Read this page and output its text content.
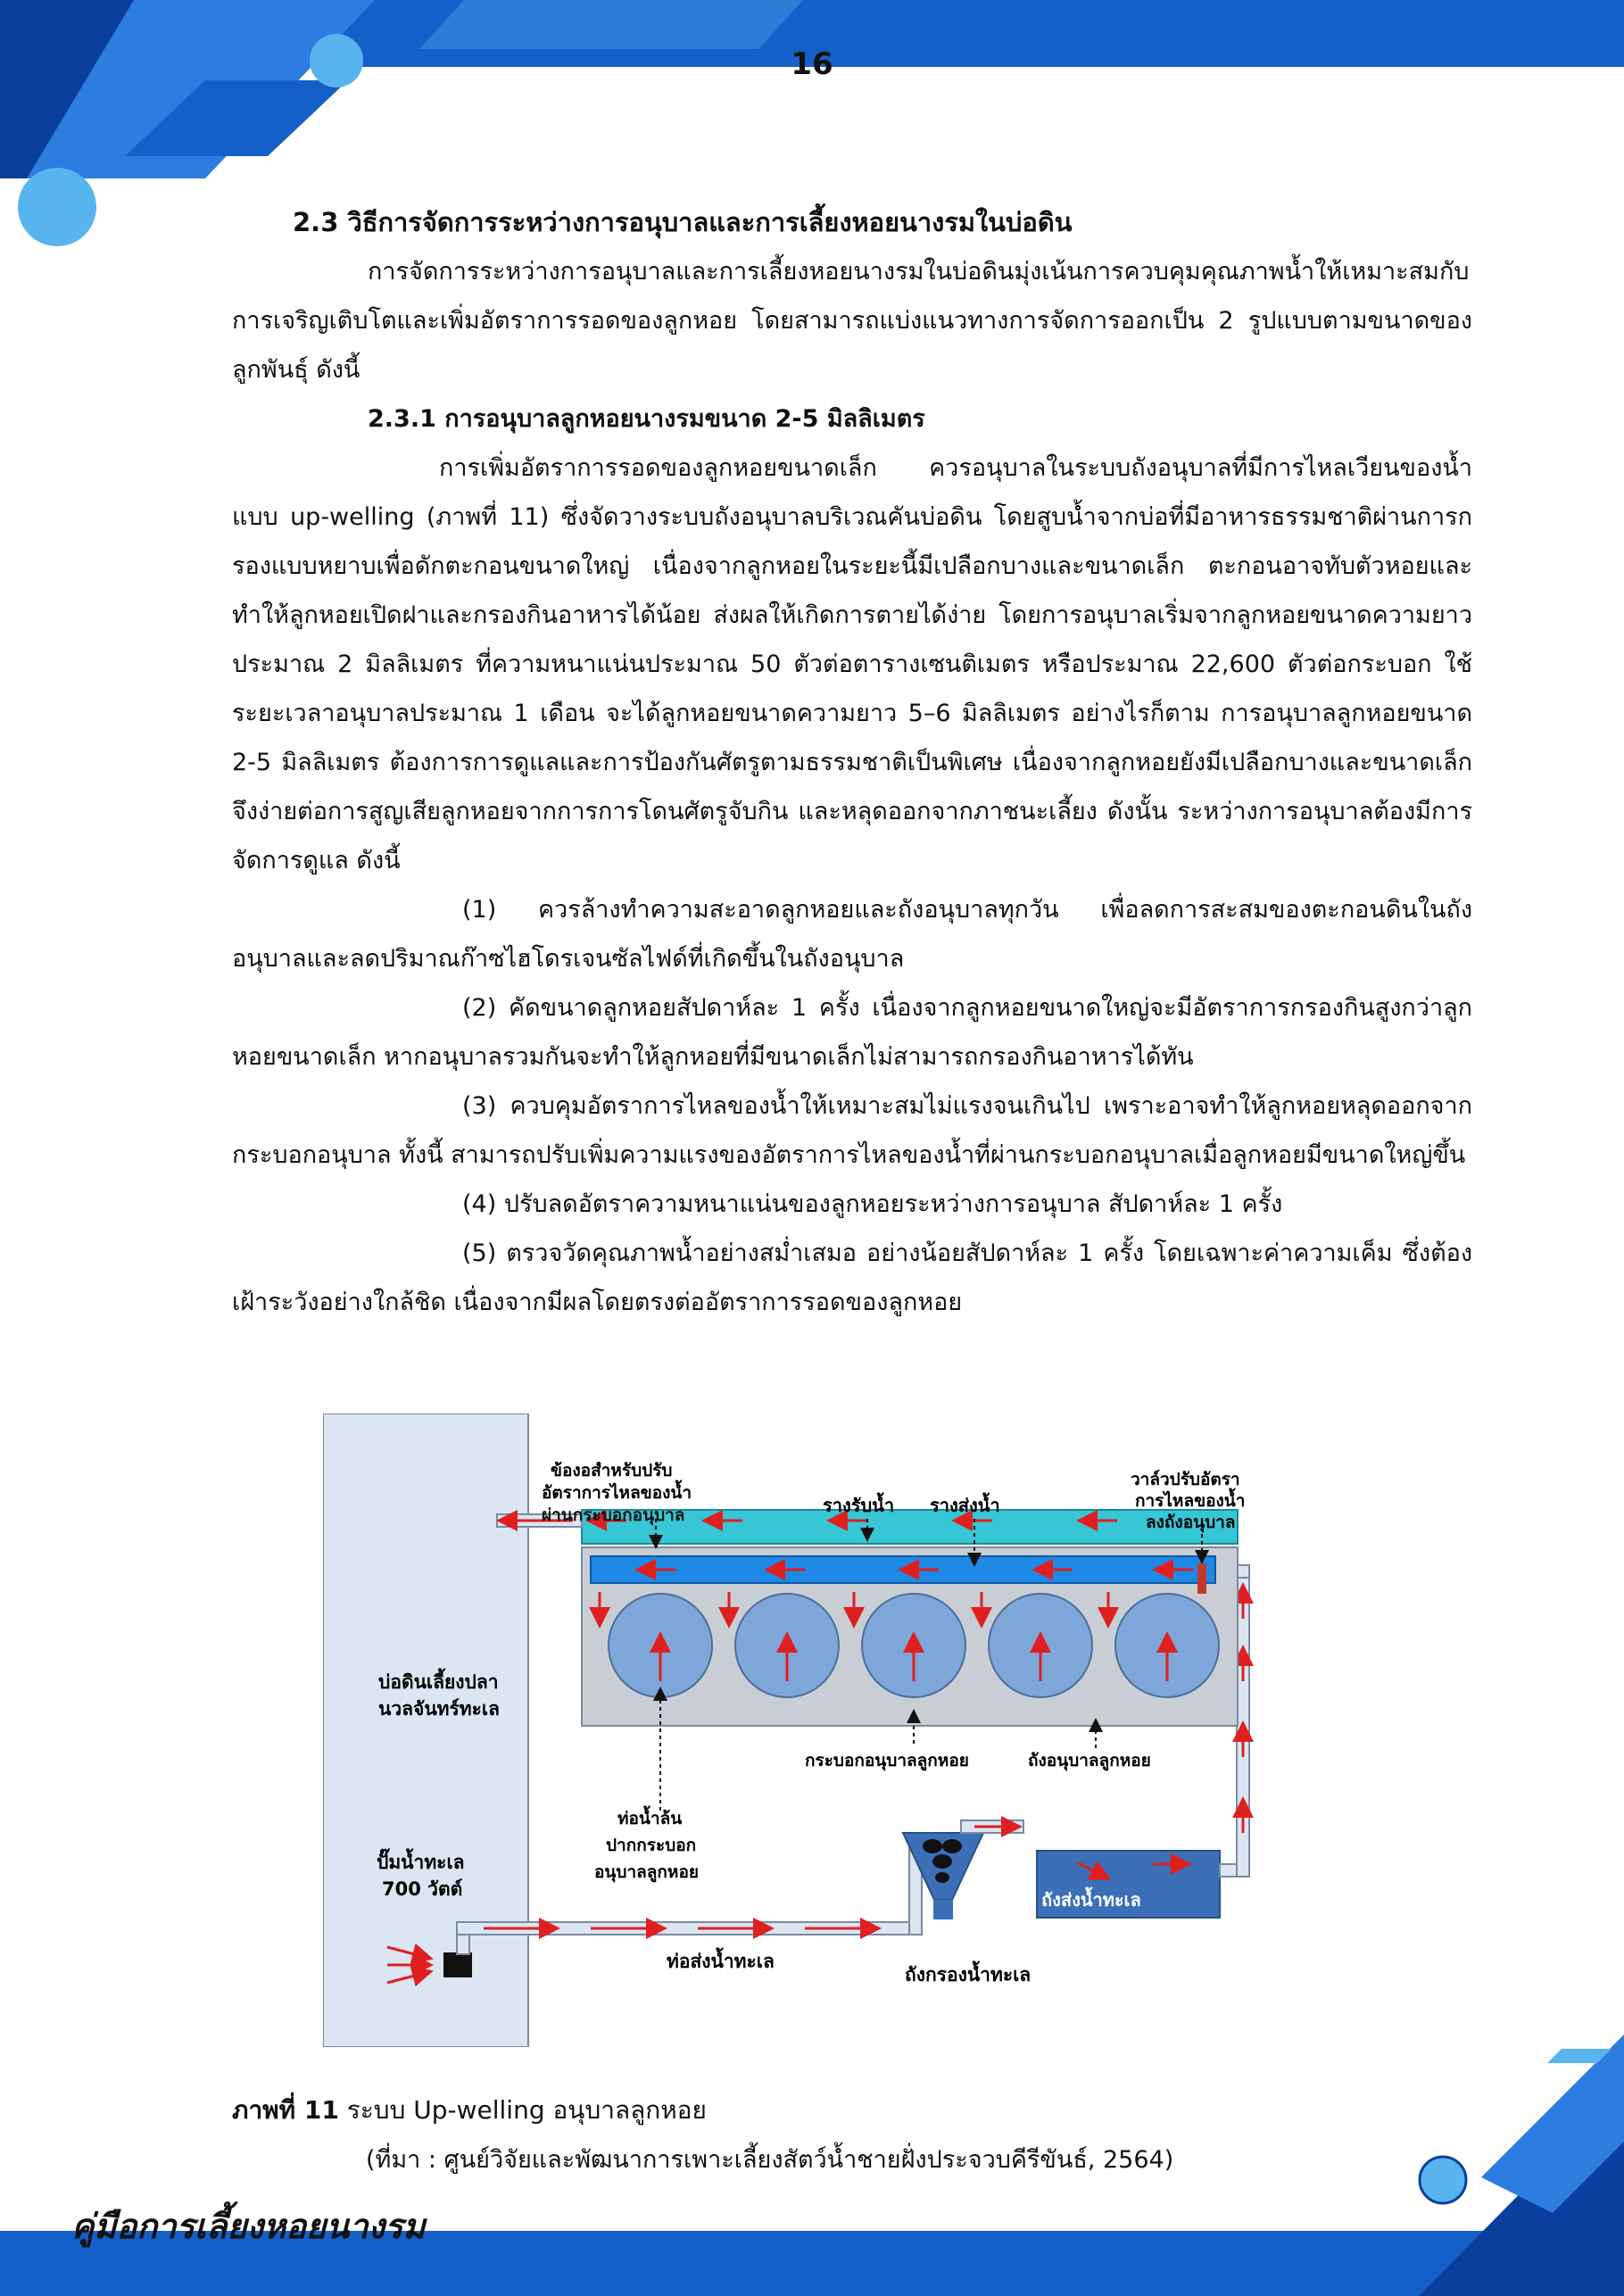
16
2.3 วิธีการจัดการระหว่างการอนุบาลและการเลี้ยงหอยนางรมในบ่อดิน

การจัดการระหว่างการอนุบาลและการเลี้ยงหอยนางรมในบ่อดินมุ่งเน้นการควบคุมคุณภาพน้ำให้เหมาะสมกับการเจริญเติบโตและเพิ่มอัตราการรอดของลูกหอย โดยสามารถแบ่งแนวทางการจัดการออกเป็น 2 รูปแบบตามขนาดของลูกพันธุ์ ดังนี้

2.3.1 การอนุบาลลูกหอยนางรมขนาด 2-5 มิลลิเมตร

การเพิ่มอัตราการรอดของลูกหอยขนาดเล็ก ควรอนุบาลในระบบถังอนุบาลที่มีการไหลเวียนของน้ำแบบ up-welling (ภาพที่ 11) ซึ่งจัดวางระบบถังอนุบาลบริเวณคันบ่อดิน โดยสูบน้ำจากบ่อที่มีอาหารธรรมชาติผ่านการกรองแบบหยาบเพื่อดักตะกอนขนาดใหญ่ เนื่องจากลูกหอยในระยะนี้มีเปลือกบางและขนาดเล็ก ตะกอนอาจทับตัวหอยและทำให้ลูกหอยเปิดฝาและกรองกินอาหารได้น้อย ส่งผลให้เกิดการตายได้ง่าย โดยการอนุบาลเริ่มจากลูกหอยขนาดความยาวประมาณ 2 มิลลิเมตร ที่ความหนาแน่นประมาณ 50 ตัวต่อตารางเซนติเมตร หรือประมาณ 22,600 ตัวต่อกระบอก ใช้ระยะเวลาอนุบาลประมาณ 1 เดือน จะได้ลูกหอยขนาดความยาว 5–6 มิลลิเมตร อย่างไรก็ตาม การอนุบาลลูกหอยขนาด 2-5 มิลลิเมตร ต้องการการดูแลและการป้องกันศัตรูตามธรรมชาติเป็นพิเศษ เนื่องจากลูกหอยยังมีเปลือกบางและขนาดเล็ก จึงง่ายต่อการสูญเสียลูกหอยจากการการโดนศัตรูจับกิน และหลุดออกจากภาชนะเลี้ยง ดังนั้น ระหว่างการอนุบาลต้องมีการจัดการดูแล ดังนี้

(1) ควรล้างทำความสะอาดลูกหอยและถังอนุบาลทุกวัน เพื่อลดการสะสมของตะกอนดินในถังอนุบาลและลดปริมาณก๊าซไฮโดรเจนซัลไฟด์ที่เกิดขึ้นในถังอนุบาล

(2) คัดขนาดลูกหอยสัปดาห์ละ 1 ครั้ง เนื่องจากลูกหอยขนาดใหญ่จะมีอัตราการกรองกินสูงกว่าลูกหอยขนาดเล็ก หากอนุบาลรวมกันจะทำให้ลูกหอยที่มีขนาดเล็กไม่สามารถกรองกินอาหารได้ทัน

(3) ควบคุมอัตราการไหลของน้ำให้เหมาะสมไม่แรงจนเกินไป เพราะอาจทำให้ลูกหอยหลุดออกจากกระบอกอนุบาล ทั้งนี้ สามารถปรับเพิ่มความแรงของอัตราการไหลของน้ำที่ผ่านกระบอกอนุบาลเมื่อลูกหอยมีขนาดใหญ่ขึ้น

(4) ปรับลดอัตราความหนาแน่นของลูกหอยระหว่างการอนุบาล สัปดาห์ละ 1 ครั้ง

(5) ตรวจวัดคุณภาพน้ำอย่างสม่ำเสมอ อย่างน้อยสัปดาห์ละ 1 ครั้ง โดยเฉพาะค่าความเค็ม ซึ่งต้องเฝ้าระวังอย่างใกล้ชิด เนื่องจากมีผลโดยตรงต่ออัตราการรอดของลูกหอย

บ่อดินเลี้ยงปลา
นวลจันทร์ทะเล
ปั๊มน้ำทะเล
700 วัตต์
ท่อส่งน้ำทะเล
ถังกรองน้ำทะเล
ถังส่งน้ำทะเล
ข้องอสำหรับปรับ
อัตราการไหลของน้ำ
ผ่านกระบอกอนุบาล	รางรับน้ำ รางส่งน้ำ
วาล์วปรับอัตรา
การไหลของน้ำ
ลงถังอนุบาล
กระบอกอนุบาลลูกหอย	ถังอนุบาลลูกหอย
ท่อน้ำล้น
ปากกระบอก
อนุบาลลูกหอย
ภาพที่ 11 ระบบ Up-welling อนุบาลลูกหอย
(ที่มา : ศูนย์วิจัยและพัฒนาการเพาะเลี้ยงสัตว์น้ำชายฝั่งประจวบคีรีขันธ์, 2564)
คู่มือการเลี้ยงหอยนางรม
